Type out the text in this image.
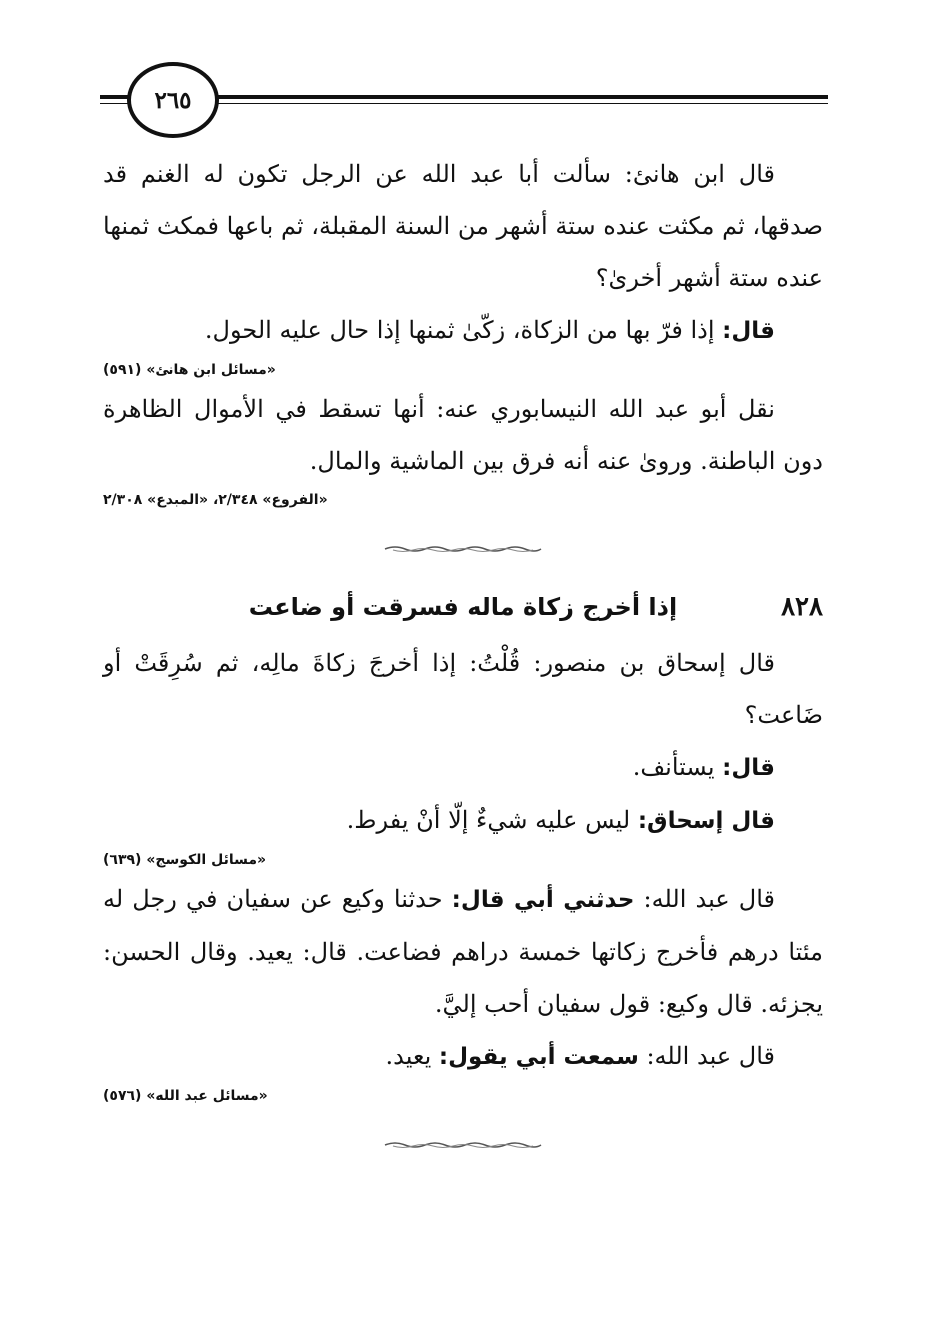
٢٦٥

قال ابن هانئ: سألت أبا عبد الله عن الرجل تكون له الغنم قد صدقها، ثم مكثت عنده ستة أشهر من السنة المقبلة، ثم باعها فمكث ثمنها عنده ستة أشهر أخرىٰ؟

قال: إذا فرّ بها من الزكاة، زكّىٰ ثمنها إذا حال عليه الحول.

«مسائل ابن هانئ» (٥٩١)

نقل أبو عبد الله النيسابوري عنه: أنها تسقط في الأموال الظاهرة دون الباطنة. ورویٰ عنه أنه فرق بين الماشية والمال.

«الفروع» ٢/٣٤٨، «المبدع» ٢/٣٠٨

٨٢٨
إذا أخرج زكاة ماله فسرقت أو ضاعت

قال إسحاق بن منصور: قُلْتُ: إذا أخرجَ زكاةَ مالِه، ثم سُرِقَتْ أو ضَاعت؟

قال: يستأنف.

قال إسحاق: ليس عليه شيءٌ إلّا أنْ يفرط.

«مسائل الكوسج» (٦٣٩)

قال عبد الله: حدثني أبي قال: حدثنا وكيع عن سفيان في رجل له مئتا درهم فأخرج زكاتها خمسة دراهم فضاعت. قال: يعيد. وقال الحسن: يجزئه. قال وكيع: قول سفيان أحب إليَّ.

قال عبد الله: سمعت أبي يقول: يعيد.

«مسائل عبد الله» (٥٧٦)
